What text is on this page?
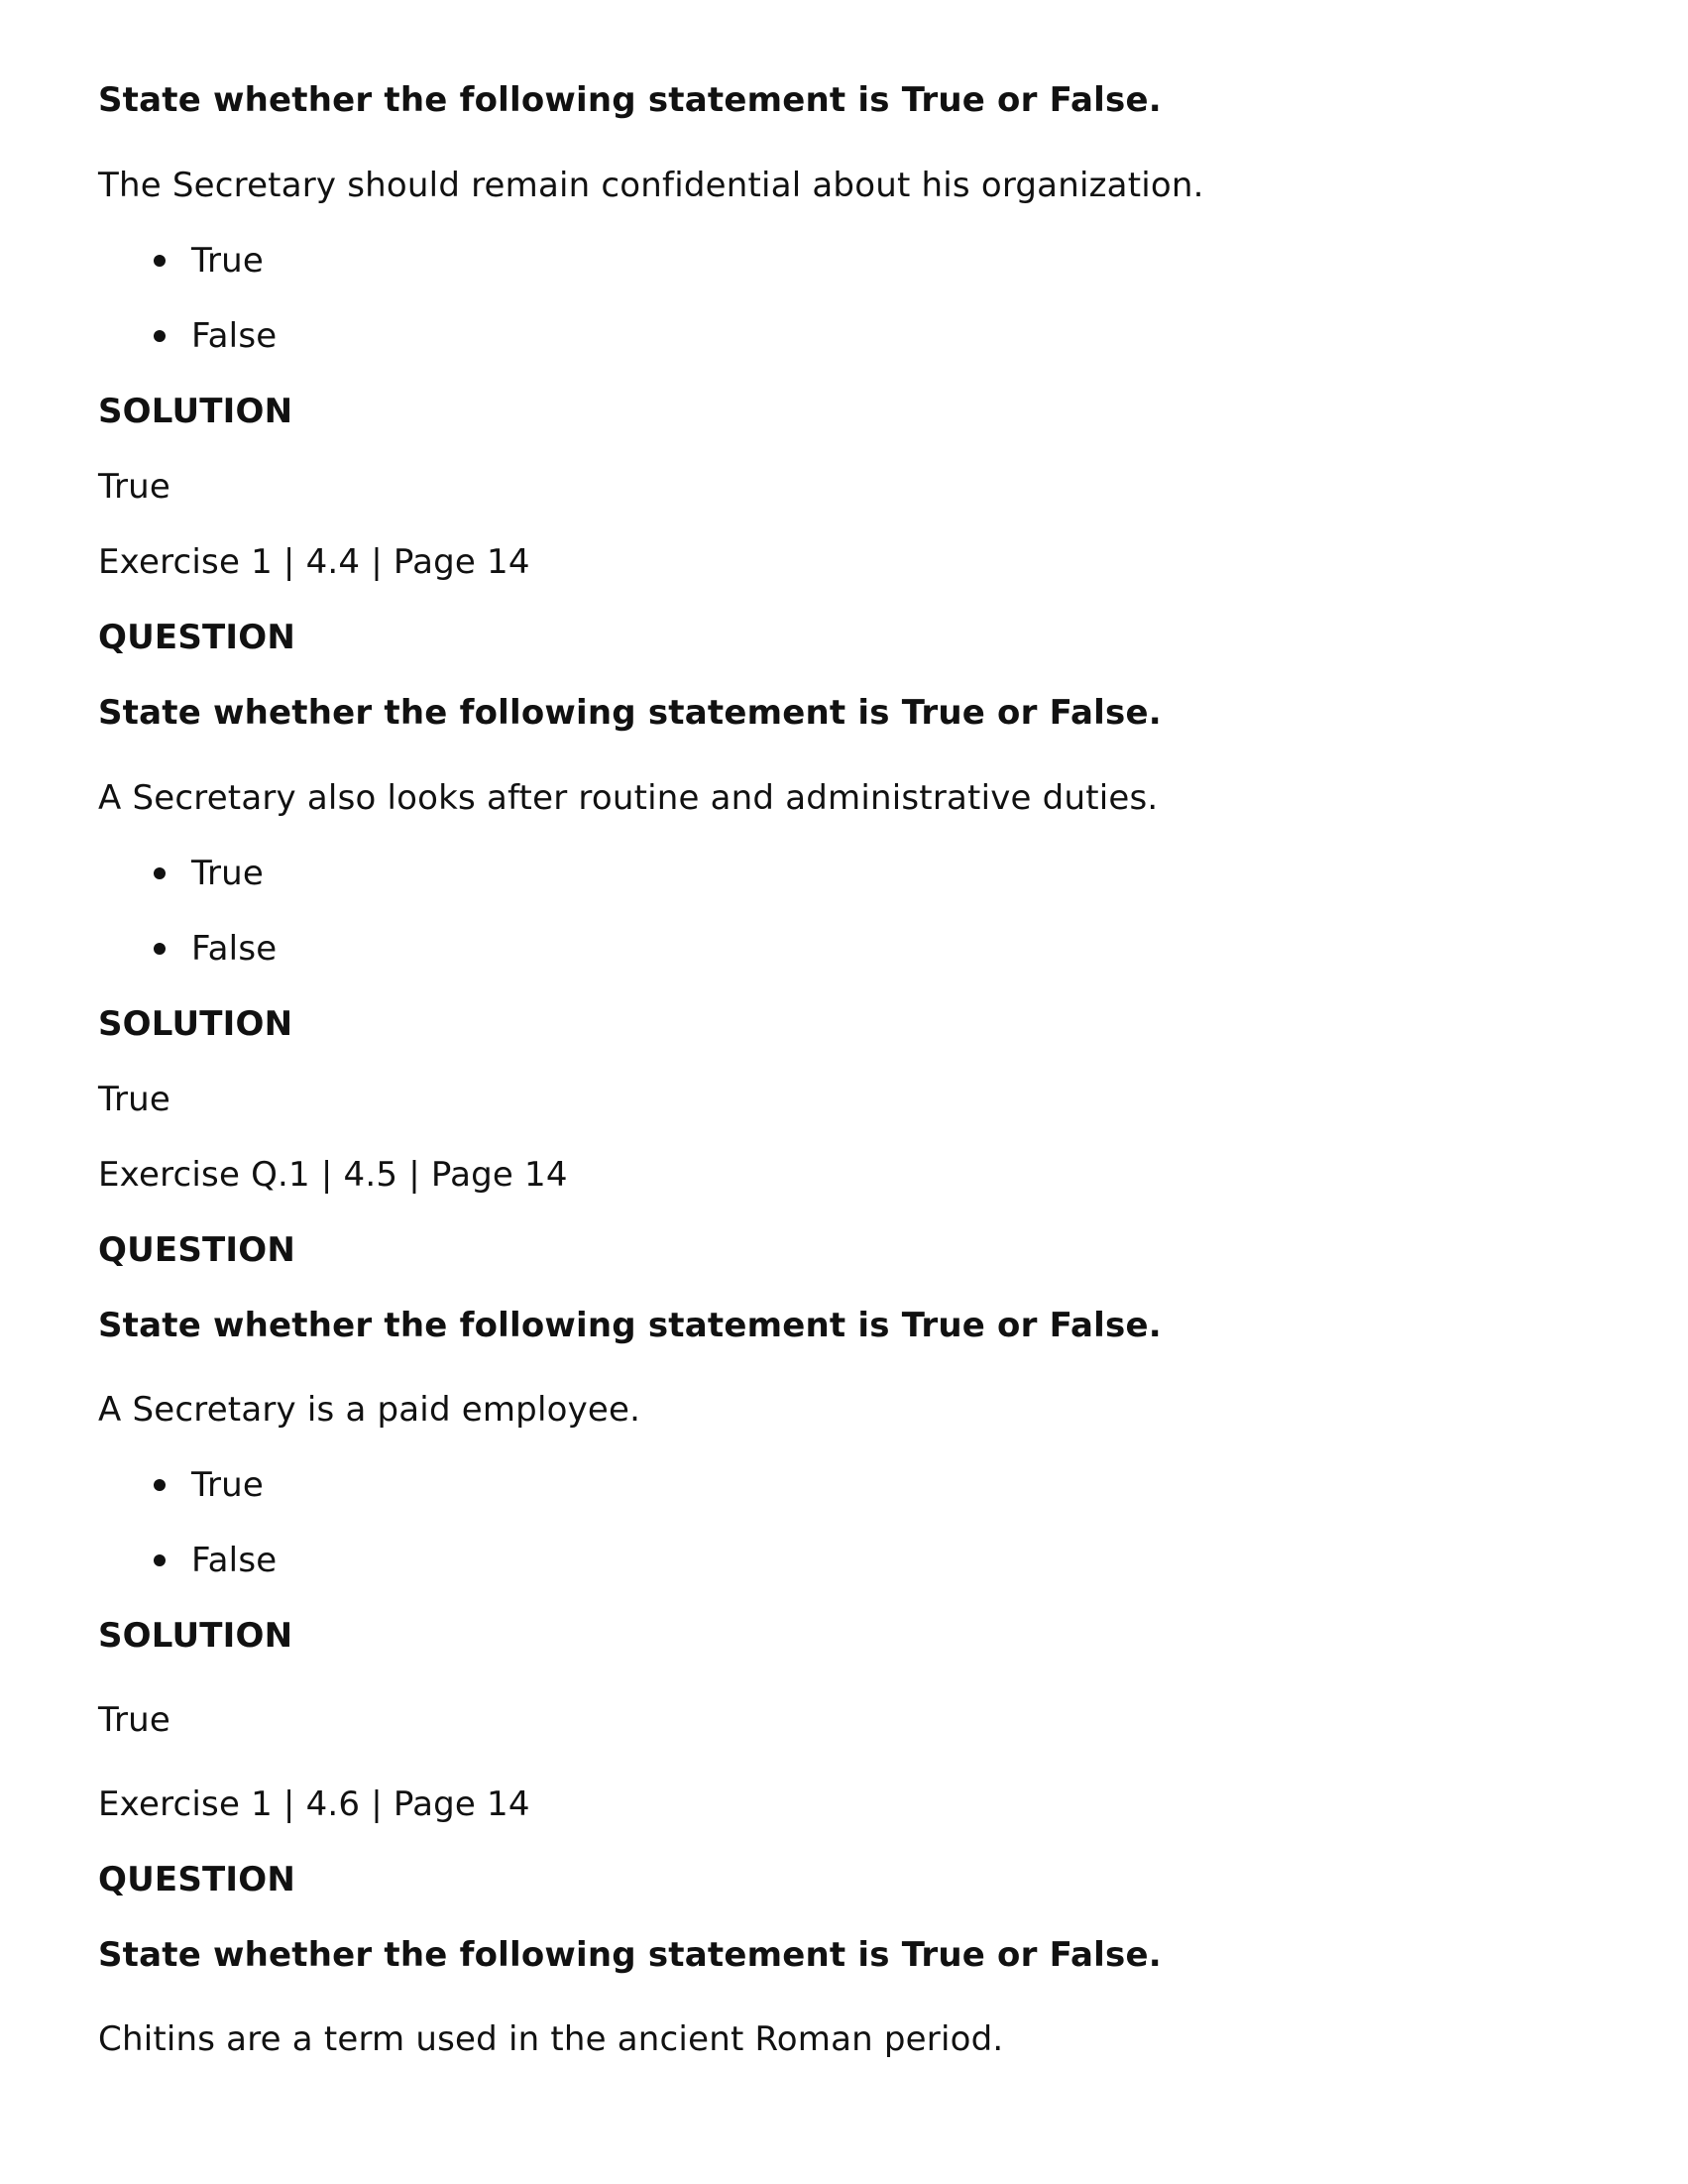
State whether the following statement is True or False.
The Secretary should remain confidential about his organization.
True
False
SOLUTION
True
Exercise 1 | 4.4 | Page 14
QUESTION
State whether the following statement is True or False.
A Secretary also looks after routine and administrative duties.
True
False
SOLUTION
True
Exercise Q.1 | 4.5 | Page 14
QUESTION
State whether the following statement is True or False.
A Secretary is a paid employee.
True
False
SOLUTION
True
Exercise 1 | 4.6 | Page 14
QUESTION
State whether the following statement is True or False.
Chitins are a term used in the ancient Roman period.
